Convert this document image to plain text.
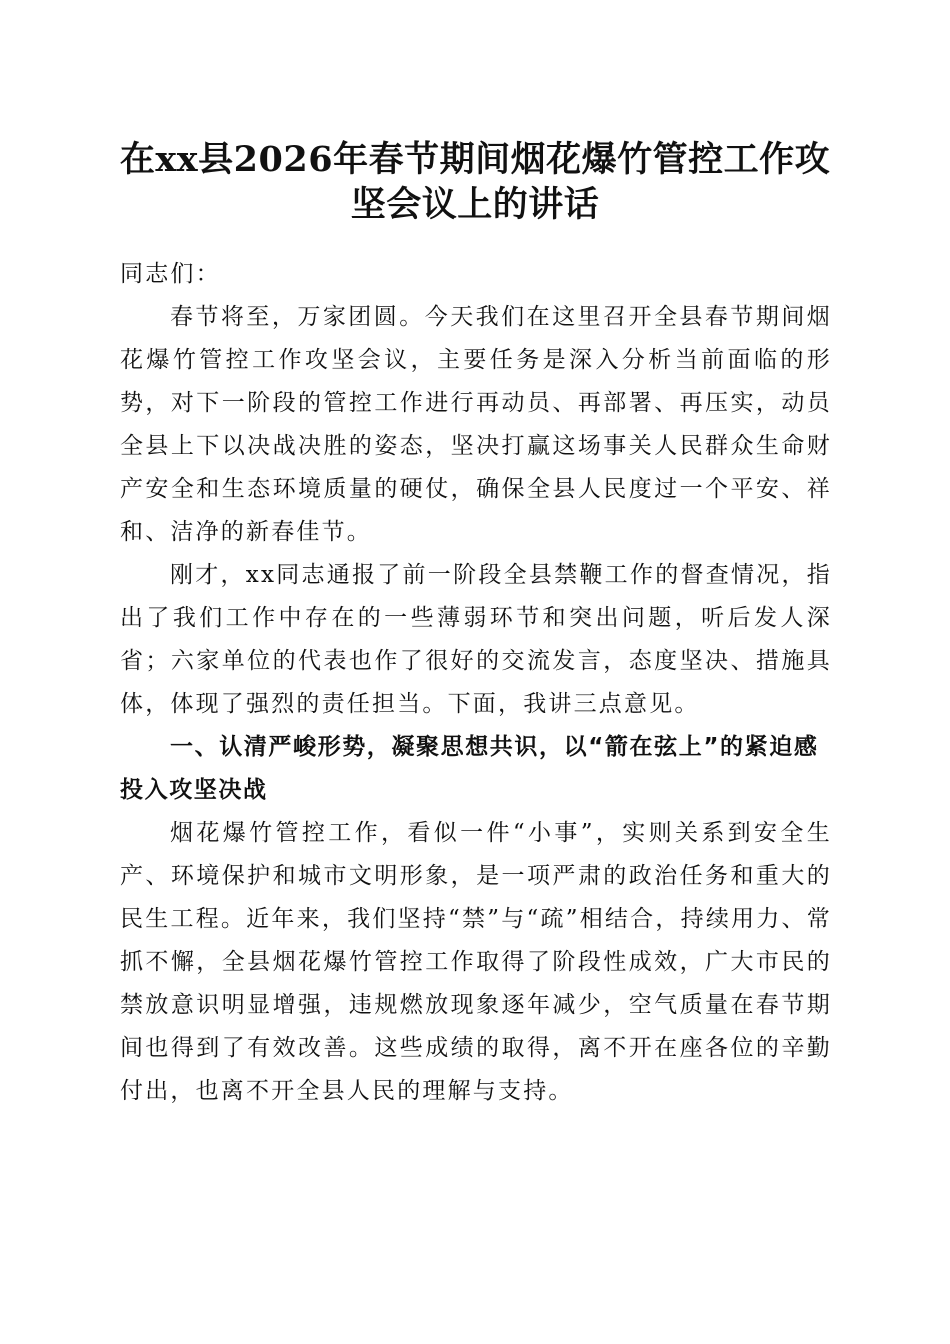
在xx县2026年春节期间烟花爆竹管控工作攻
坚会议上的讲话

同志们：

春节将至，万家团圆。今天我们在这里召开全县春节期间烟花爆竹管控工作攻坚会议，主要任务是深入分析当前面临的形势，对下一阶段的管控工作进行再动员、再部署、再压实，动员全县上下以决战决胜的姿态，坚决打赢这场事关人民群众生命财产安全和生态环境质量的硬仗，确保全县人民度过一个平安、祥和、洁净的新春佳节。

刚才，xx同志通报了前一阶段全县禁鞭工作的督查情况，指出了我们工作中存在的一些薄弱环节和突出问题，听后发人深省；六家单位的代表也作了很好的交流发言，态度坚决、措施具体，体现了强烈的责任担当。下面，我讲三点意见。

一、认清严峻形势，凝聚思想共识，以“箭在弦上”的紧迫感投入攻坚决战

烟花爆竹管控工作，看似一件“小事”，实则关系到安全生产、环境保护和城市文明形象，是一项严肃的政治任务和重大的民生工程。近年来，我们坚持“禁”与“疏”相结合，持续用力、常抓不懈，全县烟花爆竹管控工作取得了阶段性成效，广大市民的禁放意识明显增强，违规燃放现象逐年减少，空气质量在春节期间也得到了有效改善。这些成绩的取得，离不开在座各位的辛勤付出，也离不开全县人民的理解与支持。
